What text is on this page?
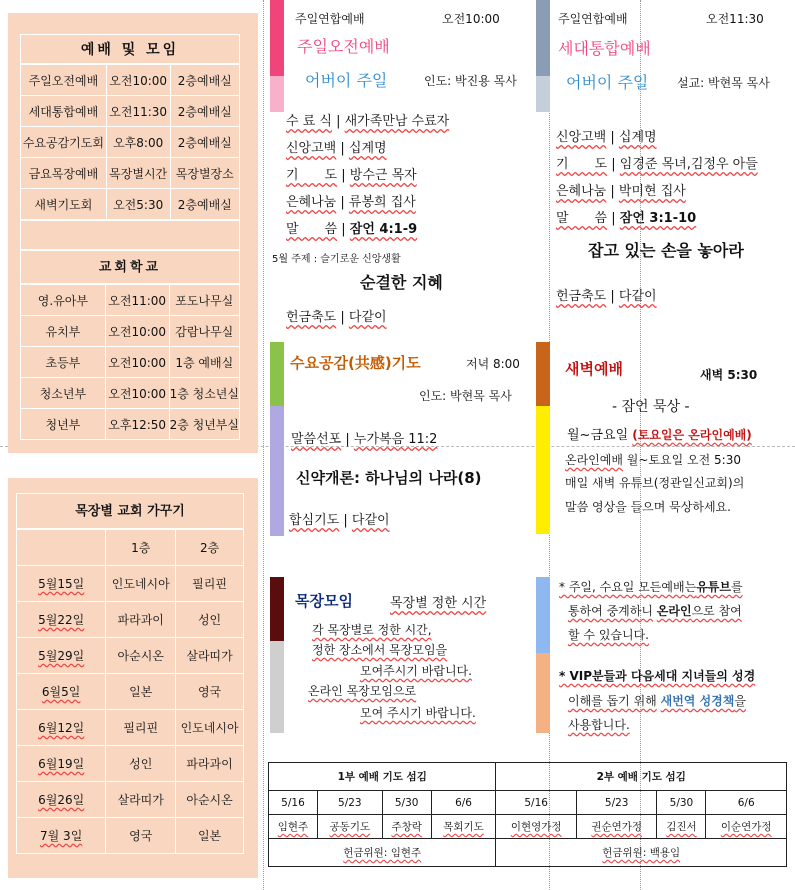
예배 및 모임
주일오전예배	오전10:00	2층예배실
세대통합예배	오전11:30	2층예배실
수요공감기도회	오후8:00	2층예배실
금요목장예배	목장별시간	목장별장소
새벽기도회	오전5:30	2층예배실
교회학교
영.유아부	오전11:00	포도나무실
유치부	오전10:00	감람나무실
초등부	오전10:00	1층 예배실
청소년부	오전10:00	1층 청소년실
청년부	오후12:50	2층 청년부실
목장별 교회 가꾸기
	1층	2층
5월15일	인도네시아	필리핀
5월22일	파라과이	성인
5월29일	아순시온	살라띠가
6월5일	일본	영국
6월12일	필리핀	인도네시아
6월19일	성인	파라과이
6월26일	살라띠가	아순시온
7월 3일	영국	일본
주일연합예배	오전10:00
주일오전예배
어버이 주일	인도: 박진용 목사
수 료 식 | 새가족만남 수료자
신앙고백 | 십계명
기　　도 | 방수근 목자
은혜나눔 | 류봉희 집사
말　　씀 | 잠언 4:1-9
5월 주제 : 슬기로운 신앙생활
순결한 지혜
헌금축도 | 다같이
주일연합예배	오전11:30
세대통합예배
어버이 주일 설교: 박현목 목사
신앙고백 | 십계명
기　　도 | 임경준 목녀,김정우 아들
은혜나눔 | 박미현 집사
말　　씀 | 잠언 3:1-10
잡고 있는 손을 놓아라
헌금축도 | 다같이
수요공감(共感)기도	저녁 8:00
인도: 박현목 목사
말씀선포 | 누가복음 11:2
신약개론: 하나님의 나라(8)
합심기도 | 다같이
새벽예배	새벽 5:30
- 잠언 묵상 -
월~금요일 (토요일은 온라인예배)
온라인예배 월~토요일 오전 5:30
매일 새벽 유튜브(정관일신교회)의
말씀 영상을 들으며 묵상하세요.
목장모임	목장별 정한 시간
각 목장별로 정한 시간,
정한 장소에서 목장모임을
모여주시기 바랍니다.
온라인 목장모임으로
모여 주시기 바랍니다.
* 주일, 수요일 모든예배는유튜브를
통하여 중계하니 온라인으로 참여
할 수 있습니다.
* VIP분들과 다음세대 지녀들의 성경
이해를 돕기 위해 새번역 성경책을
사용합니다.
1부 예배 기도 섬김				2부 예배 기도 섬김			
5/16	5/23	5/30	6/6	5/16	5/23	5/30	6/6
임현주	공동기도	주창락	목회기도	이현영가정	권순연가정	김진서	이순연가정
헌금위원: 임현주				헌금위원: 백용임			
